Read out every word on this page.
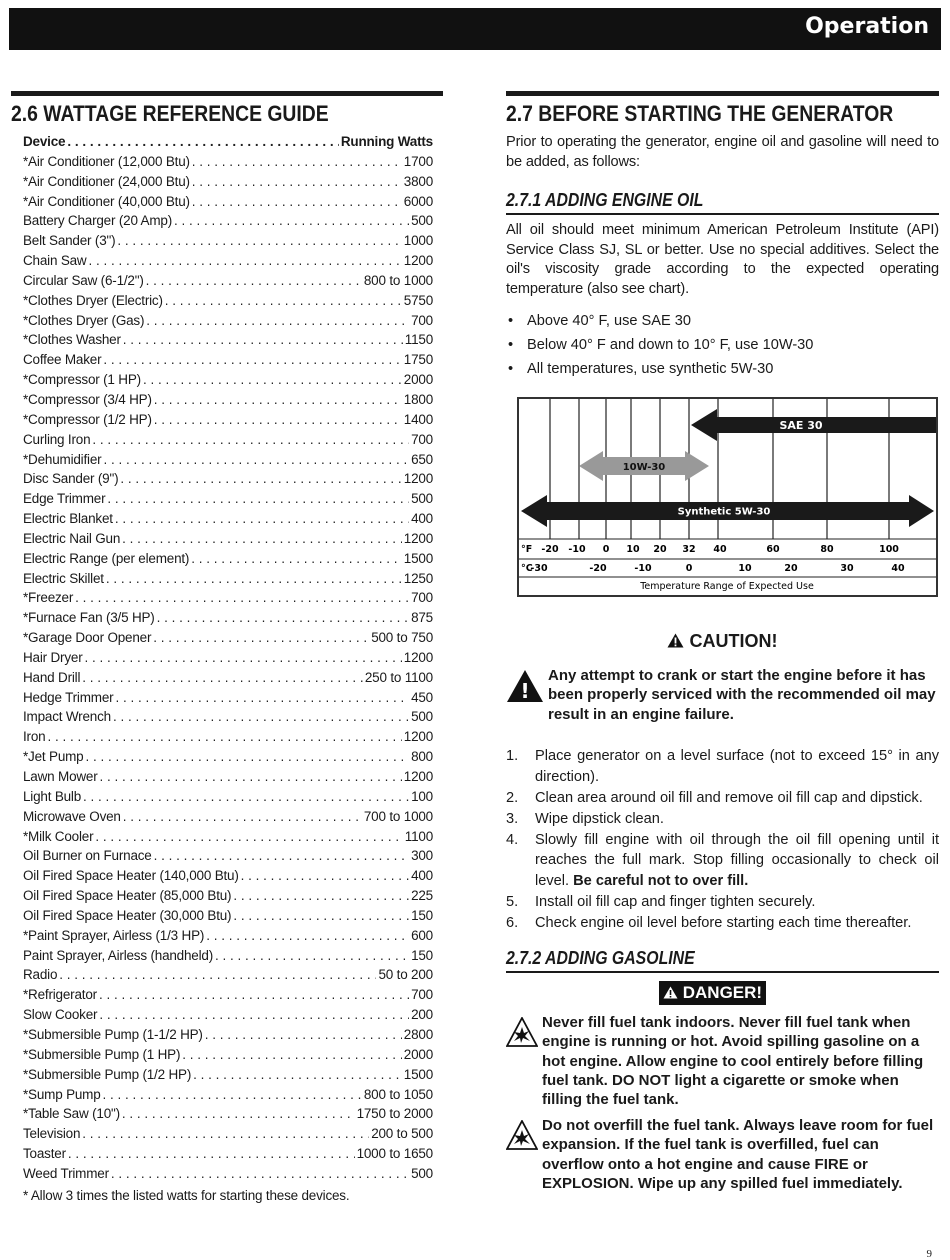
Operation
2.6 WATTAGE REFERENCE GUIDE
Device . . .	Running Watts
*Air Conditioner (12,000 Btu) . . .	1700
*Air Conditioner (24,000 Btu) . . .	3800
*Air Conditioner (40,000 Btu) . . .	6000
Battery Charger (20 Amp) . . .	500
Belt Sander (3") . . .	1000
Chain Saw . . .	1200
Circular Saw (6-1/2") . . .	800 to 1000
*Clothes Dryer (Electric) . . .	5750
*Clothes Dryer (Gas) . . .	700
*Clothes Washer . . .	1150
Coffee Maker . . .	1750
*Compressor (1 HP) . . .	2000
*Compressor (3/4 HP) . . .	1800
*Compressor (1/2 HP) . . .	1400
Curling Iron . . .	700
*Dehumidifier . . .	650
Disc Sander (9") . . .	1200
Edge Trimmer . . .	500
Electric Blanket . . .	400
Electric Nail Gun . . .	1200
Electric Range (per element) . . .	1500
Electric Skillet . . .	1250
*Freezer . . .	700
*Furnace Fan (3/5 HP) . . .	875
*Garage Door Opener . . .	500 to 750
Hair Dryer . . .	1200
Hand Drill . . .	250 to 1100
Hedge Trimmer . . .	450
Impact Wrench . . .	500
Iron . . .	1200
*Jet Pump . . .	800
Lawn Mower . . .	1200
Light Bulb . . .	100
Microwave Oven . . .	700 to 1000
*Milk Cooler . . .	1100
Oil Burner on Furnace . . .	300
Oil Fired Space Heater (140,000 Btu) . . .	400
Oil Fired Space Heater (85,000 Btu) . . .	225
Oil Fired Space Heater (30,000 Btu) . . .	150
*Paint Sprayer, Airless (1/3 HP) . . .	600
Paint Sprayer, Airless (handheld) . . .	150
Radio . . .	50 to 200
*Refrigerator . . .	700
Slow Cooker . . .	200
*Submersible Pump (1-1/2 HP) . . .	2800
*Submersible Pump (1 HP) . . .	2000
*Submersible Pump (1/2 HP) . . .	1500
*Sump Pump . . .	800 to 1050
*Table Saw (10") . . .	1750 to 2000
Television . . .	200 to 500
Toaster . . .	1000 to 1650
Weed Trimmer . . .	500
* Allow 3 times the listed watts for starting these devices.
2.7 BEFORE STARTING THE GENERATOR

Prior to operating the generator, engine oil and gasoline will need to be added, as follows:

2.7.1 ADDING ENGINE OIL

All oil should meet minimum American Petroleum Institute (API) Service Class SJ, SL or better. Use no special additives. Select the oil's viscosity grade according to the expected operating temperature (also see chart).

• Above 40° F, use SAE 30
• Below 40° F and down to 10° F, use 10W-30
• All temperatures, use synthetic 5W-30
SAE 30
10W-30
Synthetic 5W-30
°F
°C
-20 -10 0 10 20 32 40	60	80	100
-30	-20	-10	0	10	20	30	40
Temperature Range of Expected Use
CAUTION!
!
Any attempt to crank or start the engine before it has been properly serviced with the recommended oil may result in an engine failure.
1.	Place generator on a level surface (not to exceed 15° in any direction).
2.	Clean area around oil fill and remove oil fill cap and dipstick.
3.	Wipe dipstick clean.
4.	Slowly fill engine with oil through the oil fill opening until it reaches the full mark. Stop filling occasionally to check oil level. Be careful not to over fill.
5.	Install oil fill cap and finger tighten securely.
6.	Check engine oil level before starting each time thereafter.
2.7.2 ADDING GASOLINE
DANGER!
Never fill fuel tank indoors. Never fill fuel tank when engine is running or hot. Avoid spilling gasoline on a hot engine. Allow engine to cool entirely before filling fuel tank. DO NOT light a cigarette or smoke when filling the fuel tank.
Do not overfill the fuel tank. Always leave room for fuel expansion. If the fuel tank is overfilled, fuel can overflow onto a hot engine and cause FIRE or EXPLOSION. Wipe up any spilled fuel immediately.
9
